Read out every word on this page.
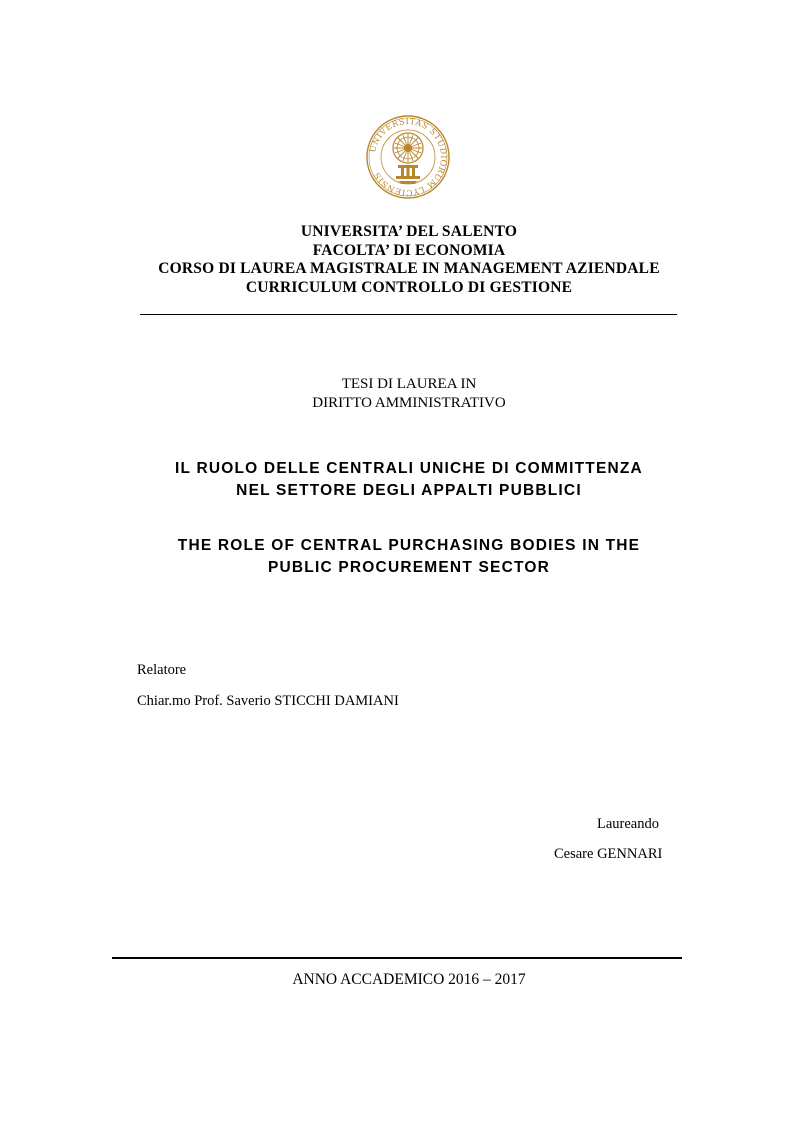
UNIVERSITAS STUDIORUM LYCIENSIS
UNIVERSITA’ DEL SALENTO
FACOLTA’ DI ECONOMIA
CORSO DI LAUREA MAGISTRALE IN MANAGEMENT AZIENDALE
CURRICULUM CONTROLLO DI GESTIONE
TESI DI LAUREA IN
DIRITTO AMMINISTRATIVO
IL RUOLO DELLE CENTRALI UNICHE DI COMMITTENZA
NEL SETTORE DEGLI APPALTI PUBBLICI
THE ROLE OF CENTRAL PURCHASING BODIES IN THE
PUBLIC PROCUREMENT SECTOR
Relatore
Chiar.mo Prof. Saverio STICCHI DAMIANI
Laureando
Cesare GENNARI
ANNO ACCADEMICO 2016 – 2017
